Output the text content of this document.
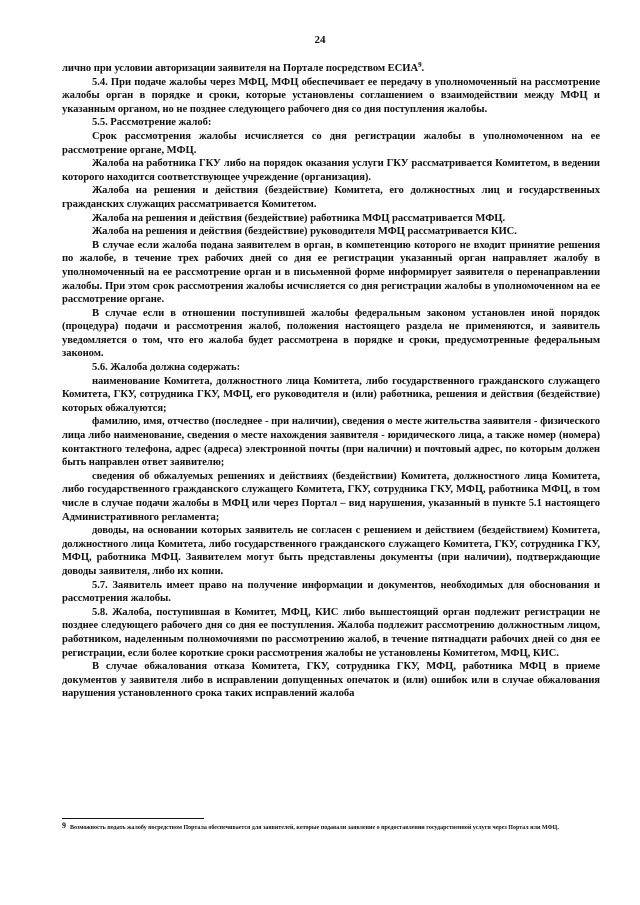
24

лично при условии авторизации заявителя на Портале посредством ЕСИА$^9$.

5.4. При подаче жалобы через МФЦ, МФЦ обеспечивает ее передачу в уполномоченный на рассмотрение жалобы орган в порядке и сроки, которые установлены соглашением о взаимодействии между МФЦ и указанным органом, но не позднее следующего рабочего дня со дня поступления жалобы.

5.5. Рассмотрение жалоб:

Срок рассмотрения жалобы исчисляется со дня регистрации жалобы в уполномоченном на ее рассмотрение органе, МФЦ.

Жалоба на работника ГКУ либо на порядок оказания услуги ГКУ рассматривается Комитетом, в ведении которого находится соответствующее учреждение (организация).

Жалоба на решения и действия (бездействие) Комитета, его должностных лиц и государственных гражданских служащих рассматривается Комитетом.

Жалоба на решения и действия (бездействие) работника МФЦ рассматривается МФЦ.

Жалоба на решения и действия (бездействие) руководителя МФЦ рассматривается КИС.

В случае если жалоба подана заявителем в орган, в компетенцию которого не входит принятие решения по жалобе, в течение трех рабочих дней со дня ее регистрации указанный орган направляет жалобу в уполномоченный на ее рассмотрение орган и в письменной форме информирует заявителя о перенаправлении жалобы. При этом срок рассмотрения жалобы исчисляется со дня регистрации жалобы в уполномоченном на ее рассмотрение органе.

В случае если в отношении поступившей жалобы федеральным законом установлен иной порядок (процедура) подачи и рассмотрения жалоб, положения настоящего раздела не применяются, и заявитель уведомляется о том, что его жалоба будет рассмотрена в порядке и сроки, предусмотренные федеральным законом.

5.6. Жалоба должна содержать:

наименование Комитета, должностного лица Комитета, либо государственного гражданского служащего Комитета, ГКУ, сотрудника ГКУ, МФЦ, его руководителя и (или) работника, решения и действия (бездействие) которых обжалуются;

фамилию, имя, отчество (последнее - при наличии), сведения о месте жительства заявителя - физического лица либо наименование, сведения о месте нахождения заявителя - юридического лица, а также номер (номера) контактного телефона, адрес (адреса) электронной почты (при наличии) и почтовый адрес, по которым должен быть направлен ответ заявителю;

сведения об обжалуемых решениях и действиях (бездействии) Комитета, должностного лица Комитета, либо государственного гражданского служащего Комитета, ГКУ, сотрудника ГКУ, МФЦ, работника МФЦ, в том числе в случае подачи жалобы в МФЦ или через Портал – вид нарушения, указанный в пункте 5.1 настоящего Административного регламента;

доводы, на основании которых заявитель не согласен с решением и действием (бездействием) Комитета, должностного лица Комитета, либо государственного гражданского служащего Комитета, ГКУ, сотрудника ГКУ, МФЦ, работника МФЦ. Заявителем могут быть представлены документы (при наличии), подтверждающие доводы заявителя, либо их копии.

5.7. Заявитель имеет право на получение информации и документов, необходимых для обоснования и рассмотрения жалобы.

5.8. Жалоба, поступившая в Комитет, МФЦ, КИС либо вышестоящий орган подлежит регистрации не позднее следующего рабочего дня со дня ее поступления. Жалоба подлежит рассмотрению должностным лицом, работником, наделенным полномочиями по рассмотрению жалоб, в течение пятнадцати рабочих дней со дня ее регистрации, если более короткие сроки рассмотрения жалобы не установлены Комитетом, МФЦ, КИС.

В случае обжалования отказа Комитета, ГКУ, сотрудника ГКУ, МФЦ, работника МФЦ в приеме документов у заявителя либо в исправлении допущенных опечаток и (или) ошибок или в случае обжалования нарушения установленного срока таких исправлений жалоба

$^9$ Возможность подать жалобу посредством Портала обеспечивается для заявителей, которые подавали заявление о предоставлении государственной услуги через Портал или МФЦ.
